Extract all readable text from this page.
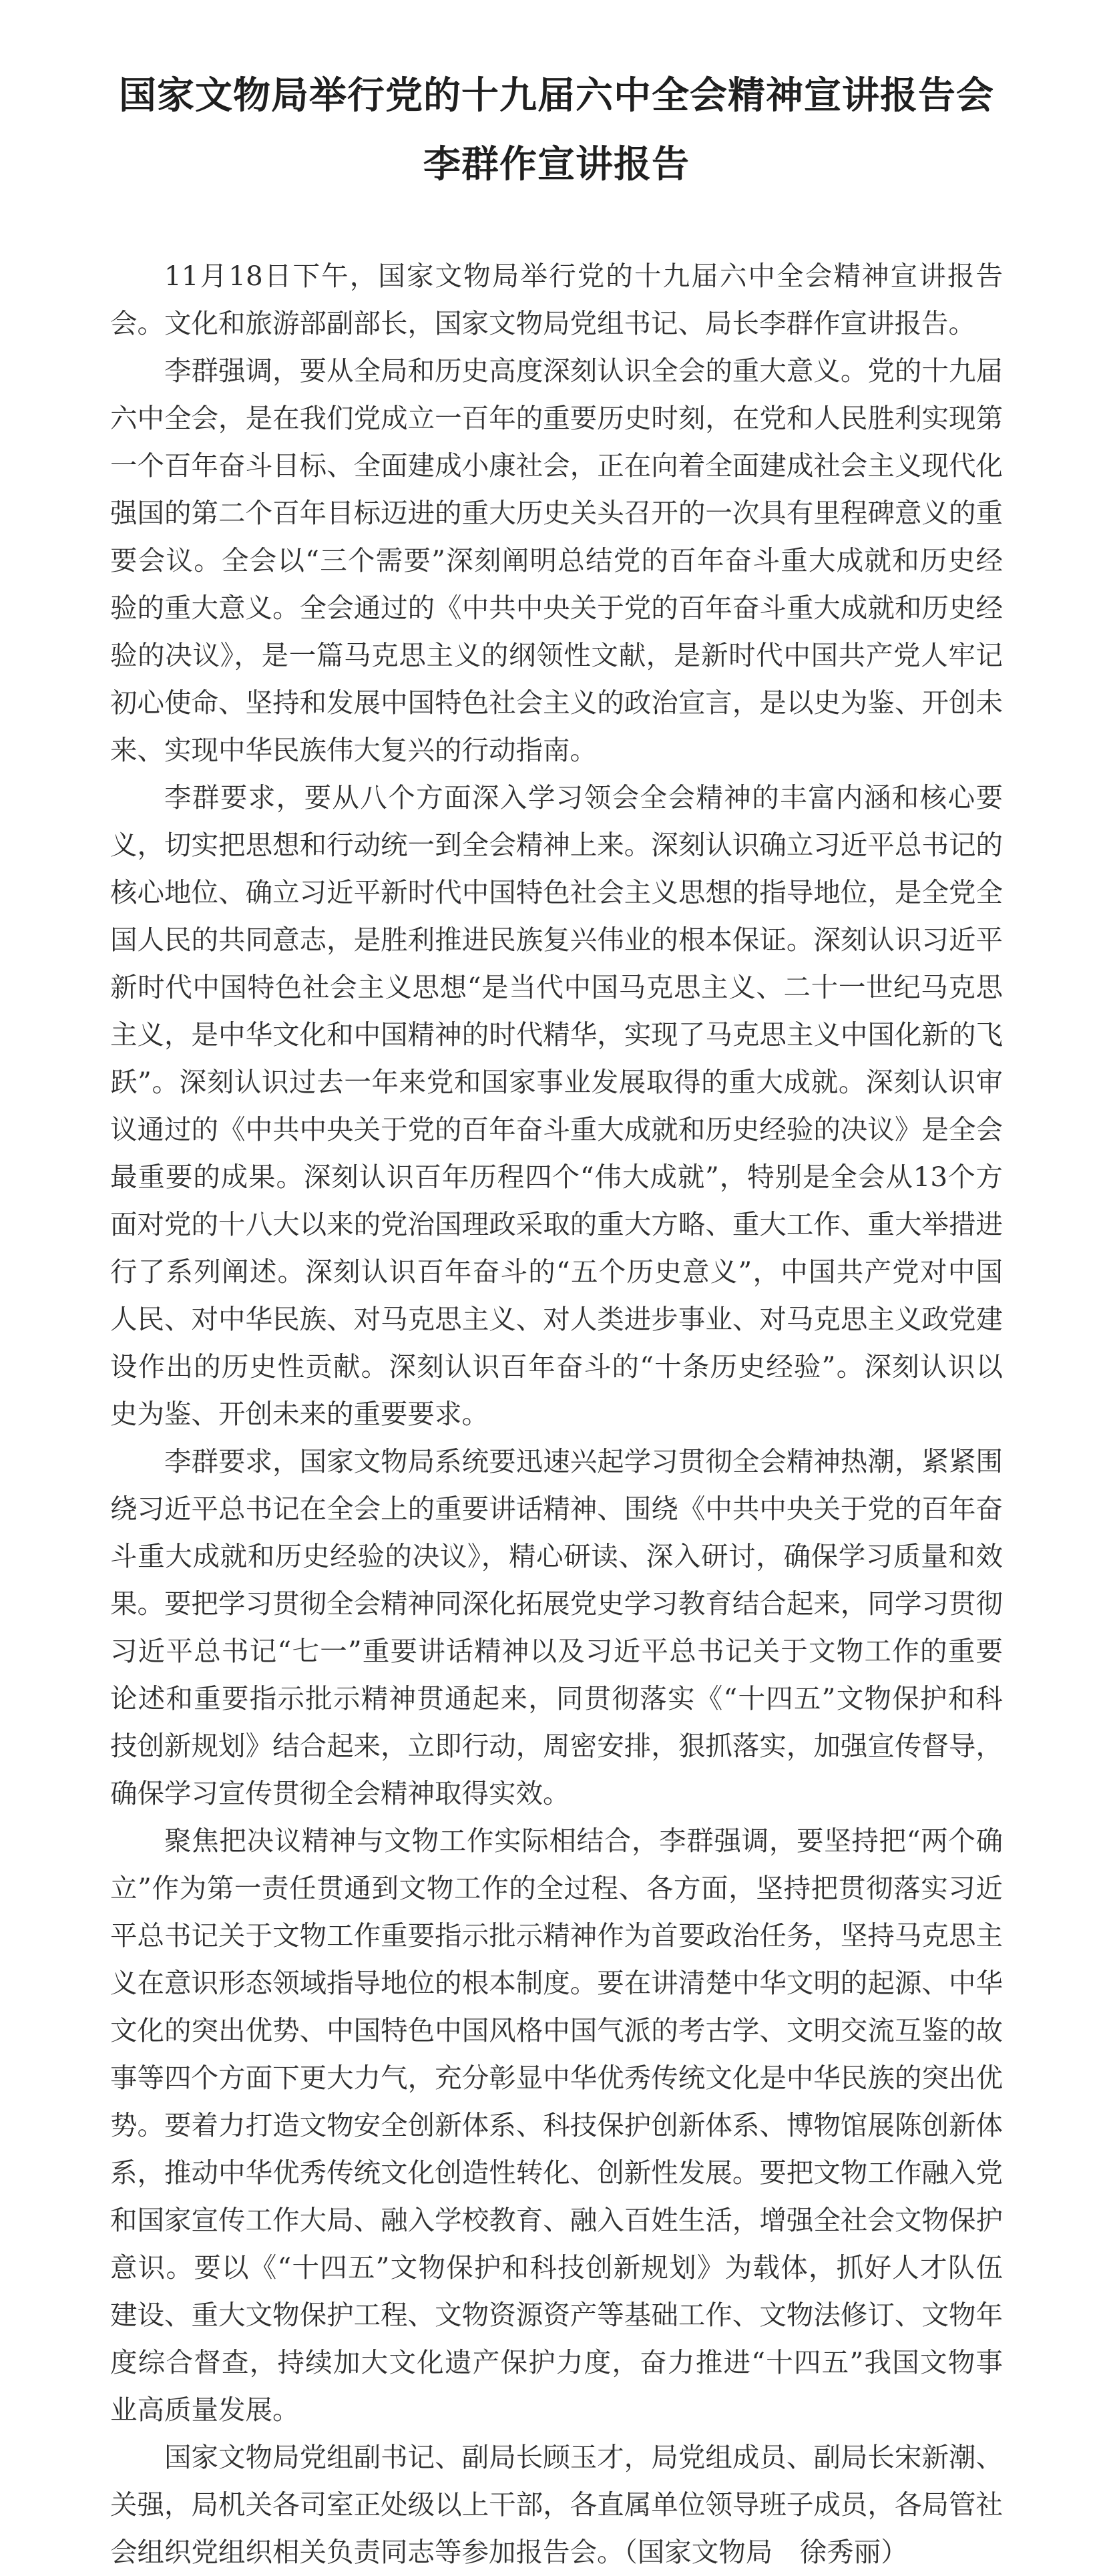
国家文物局举行党的十九届六中全会精神宣讲报告会
李群作宣讲报告

11月18日下午，国家文物局举行党的十九届六中全会精神宣讲报告会。文化和旅游部副部长，国家文物局党组书记、局长李群作宣讲报告。

李群强调，要从全局和历史高度深刻认识全会的重大意义。党的十九届六中全会，是在我们党成立一百年的重要历史时刻，在党和人民胜利实现第一个百年奋斗目标、全面建成小康社会，正在向着全面建成社会主义现代化强国的第二个百年目标迈进的重大历史关头召开的一次具有里程碑意义的重要会议。全会以“三个需要”深刻阐明总结党的百年奋斗重大成就和历史经验的重大意义。全会通过的《中共中央关于党的百年奋斗重大成就和历史经验的决议》，是一篇马克思主义的纲领性文献，是新时代中国共产党人牢记初心使命、坚持和发展中国特色社会主义的政治宣言，是以史为鉴、开创未来、实现中华民族伟大复兴的行动指南。

李群要求，要从八个方面深入学习领会全会精神的丰富内涵和核心要义，切实把思想和行动统一到全会精神上来。深刻认识确立习近平总书记的核心地位、确立习近平新时代中国特色社会主义思想的指导地位，是全党全国人民的共同意志，是胜利推进民族复兴伟业的根本保证。深刻认识习近平新时代中国特色社会主义思想“是当代中国马克思主义、二十一世纪马克思主义，是中华文化和中国精神的时代精华，实现了马克思主义中国化新的飞跃”。深刻认识过去一年来党和国家事业发展取得的重大成就。深刻认识审议通过的《中共中央关于党的百年奋斗重大成就和历史经验的决议》是全会最重要的成果。深刻认识百年历程四个“伟大成就”，特别是全会从13个方面对党的十八大以来的党治国理政采取的重大方略、重大工作、重大举措进行了系列阐述。深刻认识百年奋斗的“五个历史意义”，中国共产党对中国人民、对中华民族、对马克思主义、对人类进步事业、对马克思主义政党建设作出的历史性贡献。深刻认识百年奋斗的“十条历史经验”。深刻认识以史为鉴、开创未来的重要要求。

李群要求，国家文物局系统要迅速兴起学习贯彻全会精神热潮，紧紧围绕习近平总书记在全会上的重要讲话精神、围绕《中共中央关于党的百年奋斗重大成就和历史经验的决议》，精心研读、深入研讨，确保学习质量和效果。要把学习贯彻全会精神同深化拓展党史学习教育结合起来，同学习贯彻习近平总书记“七一”重要讲话精神以及习近平总书记关于文物工作的重要论述和重要指示批示精神贯通起来，同贯彻落实《“十四五”文物保护和科技创新规划》结合起来，立即行动，周密安排，狠抓落实，加强宣传督导，确保学习宣传贯彻全会精神取得实效。

聚焦把决议精神与文物工作实际相结合，李群强调，要坚持把“两个确立”作为第一责任贯通到文物工作的全过程、各方面，坚持把贯彻落实习近平总书记关于文物工作重要指示批示精神作为首要政治任务，坚持马克思主义在意识形态领域指导地位的根本制度。要在讲清楚中华文明的起源、中华文化的突出优势、中国特色中国风格中国气派的考古学、文明交流互鉴的故事等四个方面下更大力气，充分彰显中华优秀传统文化是中华民族的突出优势。要着力打造文物安全创新体系、科技保护创新体系、博物馆展陈创新体系，推动中华优秀传统文化创造性转化、创新性发展。要把文物工作融入党和国家宣传工作大局、融入学校教育、融入百姓生活，增强全社会文物保护意识。要以《“十四五”文物保护和科技创新规划》为载体，抓好人才队伍建设、重大文物保护工程、文物资源资产等基础工作、文物法修订、文物年度综合督查，持续加大文化遗产保护力度，奋力推进“十四五”我国文物事业高质量发展。

国家文物局党组副书记、副局长顾玉才，局党组成员、副局长宋新潮、关强，局机关各司室正处级以上干部，各直属单位领导班子成员，各局管社会组织党组织相关负责同志等参加报告会。（国家文物局　徐秀丽）
